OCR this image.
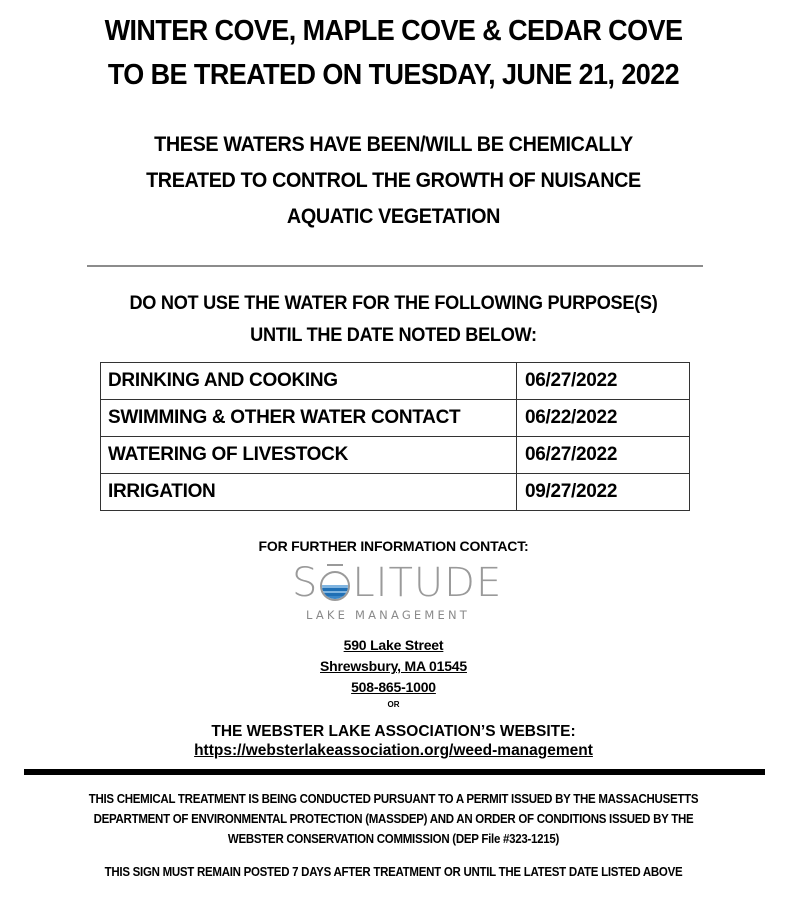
WINTER COVE, MAPLE COVE & CEDAR COVE
TO BE TREATED ON TUESDAY, JUNE 21, 2022
THESE WATERS HAVE BEEN/WILL BE CHEMICALLY
TREATED TO CONTROL THE GROWTH OF NUISANCE
AQUATIC VEGETATION
DO NOT USE THE WATER FOR THE FOLLOWING PURPOSE(S)
UNTIL THE DATE NOTED BELOW:
DRINKING AND COOKING	06/27/2022
SWIMMING & OTHER WATER CONTACT	06/22/2022
WATERING OF LIVESTOCK	06/27/2022
IRRIGATION	09/27/2022
FOR FURTHER INFORMATION CONTACT:
S LITUDE
LAKE MANAGEMENT
590 Lake Street
Shrewsbury, MA 01545
508-865-1000
OR
THE WEBSTER LAKE ASSOCIATION’S WEBSITE:
https://websterlakeassociation.org/weed-management
THIS CHEMICAL TREATMENT IS BEING CONDUCTED PURSUANT TO A PERMIT ISSUED BY THE MASSACHUSETTS
DEPARTMENT OF ENVIRONMENTAL PROTECTION (MASSDEP) AND AN ORDER OF CONDITIONS ISSUED BY THE
WEBSTER CONSERVATION COMMISSION (DEP File #323-1215)
THIS SIGN MUST REMAIN POSTED 7 DAYS AFTER TREATMENT OR UNTIL THE LATEST DATE LISTED ABOVE
